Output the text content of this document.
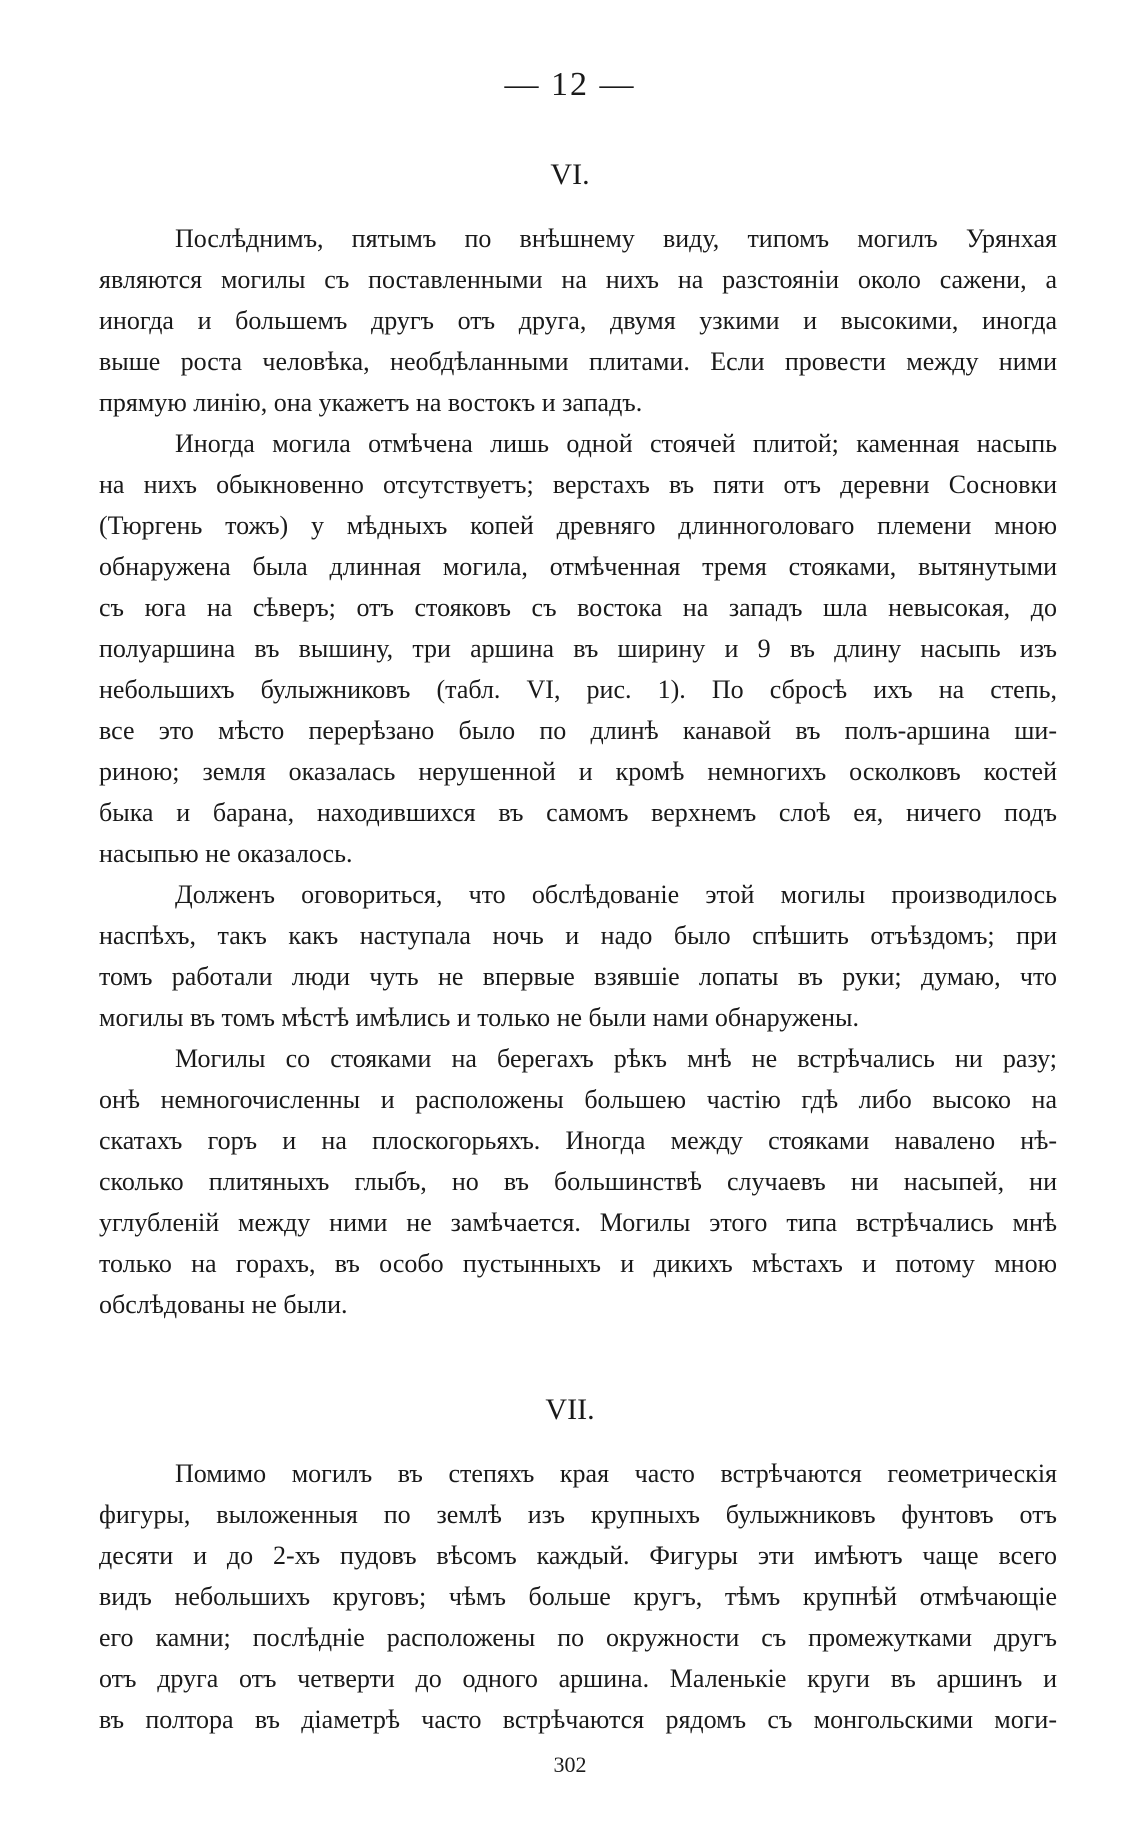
— 12 —
VI.
Послѣднимъ, пятымъ по внѣшнему виду, типомъ могилъ Урянхая
являются могилы съ поставленными на нихъ на разстояніи около сажени, а
иногда и большемъ другъ отъ друга, двумя узкими и высокими, иногда
выше роста человѣка, необдѣланными плитами. Если провести между ними
прямую линію, она укажетъ на востокъ и западъ.
Иногда могила отмѣчена лишь одной стоячей плитой; каменная насыпь
на нихъ обыкновенно отсутствуетъ; верстахъ въ пяти отъ деревни Сосновки
(Тюргень тожъ) у мѣдныхъ копей древняго длинноголоваго племени мною
обнаружена была длинная могила, отмѣченная тремя стояками, вытянутыми
съ юга на сѣверъ; отъ стояковъ съ востока на западъ шла невысокая, до
полуаршина въ вышину, три аршина въ ширину и 9 въ длину насыпь изъ
небольшихъ булыжниковъ (табл. VI, рис. 1). По сбросѣ ихъ на степь,
все это мѣсто перерѣзано было по длинѣ канавой въ полъ-аршина ши-
риною; земля оказалась нерушенной и кромѣ немногихъ осколковъ костей
быка и барана, находившихся въ самомъ верхнемъ слоѣ ея, ничего подъ
насыпью не оказалось.
Долженъ оговориться, что обслѣдованіе этой могилы производилось
наспѣхъ, такъ какъ наступала ночь и надо было спѣшить отъѣздомъ; при
томъ работали люди чуть не впервые взявшіе лопаты въ руки; думаю, что
могилы въ томъ мѣстѣ имѣлись и только не были нами обнаружены.
Могилы со стояками на берегахъ рѣкъ мнѣ не встрѣчались ни разу;
онѣ немногочисленны и расположены большею частію гдѣ либо высоко на
скатахъ горъ и на плоскогорьяхъ. Иногда между стояками навалено нѣ-
сколько плитяныхъ глыбъ, но въ большинствѣ случаевъ ни насыпей, ни
углубленій между ними не замѣчается. Могилы этого типа встрѣчались мнѣ
только на горахъ, въ особо пустынныхъ и дикихъ мѣстахъ и потому мною
обслѣдованы не были.
VII.
Помимо могилъ въ степяхъ края часто встрѣчаются геометрическія
фигуры, выложенныя по землѣ изъ крупныхъ булыжниковъ фунтовъ отъ
десяти и до 2-хъ пудовъ вѣсомъ каждый. Фигуры эти имѣютъ чаще всего
видъ небольшихъ круговъ; чѣмъ больше кругъ, тѣмъ крупнѣй отмѣчающіе
его камни; послѣдніе расположены по окружности съ промежутками другъ
отъ друга отъ четверти до одного аршина. Маленькіе круги въ аршинъ и
въ полтора въ діаметрѣ часто встрѣчаются рядомъ съ монгольскими моги-
302
